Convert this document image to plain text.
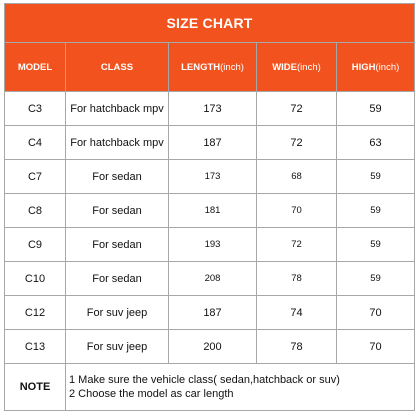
SIZE CHART				
MODEL	CLASS	LENGTH(inch)	WIDE(inch)	HIGH(inch)
C3	For hatchback mpv	173	72	59
C4	For hatchback mpv	187	72	63
C7	For sedan	173	68	59
C8	For sedan	181	70	59
C9	For sedan	193	72	59
C10	For sedan	208	78	59
C12	For suv jeep	187	74	70
C13	For suv jeep	200	78	70
NOTE	1 Make sure the vehicle class( sedan,hatchback or suv)
2 Choose the model as car length			
